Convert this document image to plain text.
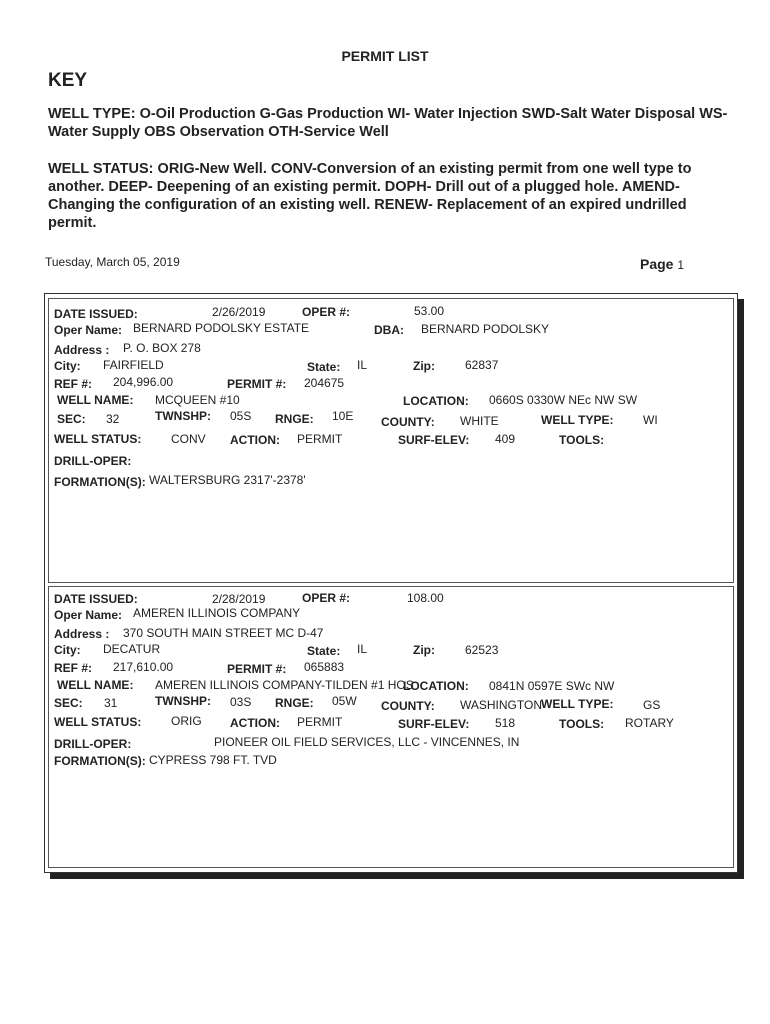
PERMIT LIST
KEY
WELL TYPE: O-Oil Production G-Gas Production WI- Water Injection SWD-Salt Water Disposal WS-Water Supply OBS Observation OTH-Service Well
WELL STATUS: ORIG-New Well. CONV-Conversion of an existing permit from one well type to another. DEEP- Deepening of an existing permit. DOPH- Drill out of a plugged hole. AMEND-Changing the configuration of an existing well. RENEW- Replacement of an expired undrilled permit.
Tuesday, March 05, 2019	Page 1
DATE ISSUED:	2/26/2019	OPER #:	53.00
Oper Name: BERNARD PODOLSKY ESTATE	DBA: BERNARD PODOLSKY
Address : P. O. BOX 278
City: FAIRFIELD	State: IL	Zip:	62837
REF #: 204,996.00	PERMIT #: 204675
WELL NAME: MCQUEEN #10	LOCATION: 0660S 0330W NEc NW SW
SEC: 32	TWNSHP: 05S RNGE: 10E COUNTY: WHITE	WELL TYPE: WI
WELL STATUS: CONV ACTION: PERMIT	SURF-ELEV: 409	TOOLS:
DRILL-OPER:
FORMATION(S): WALTERSBURG 2317'-2378'
DATE ISSUED:	2/28/2019	OPER #:	108.00
Oper Name: AMEREN ILLINOIS COMPANY
Address : 370 SOUTH MAIN STREET MC D-47
City: DECATUR	State: IL	Zip:	62523
REF #: 217,610.00	PERMIT #: 065883
WELL NAME: AMEREN ILLINOIS COMPANY-TILDEN #1 HOS
LOCATION: 0841N 0597E SWc NW
SEC: 31	TWNSHP: 03S RNGE: 05W COUNTY: WASHINGTON
WELL TYPE: GS
WELL STATUS: ORIG ACTION: PERMIT	SURF-ELEV: 518	TOOLS: ROTARY
DRILL-OPER:	PIONEER OIL FIELD SERVICES, LLC - VINCENNES, IN
FORMATION(S): CYPRESS 798 FT. TVD
